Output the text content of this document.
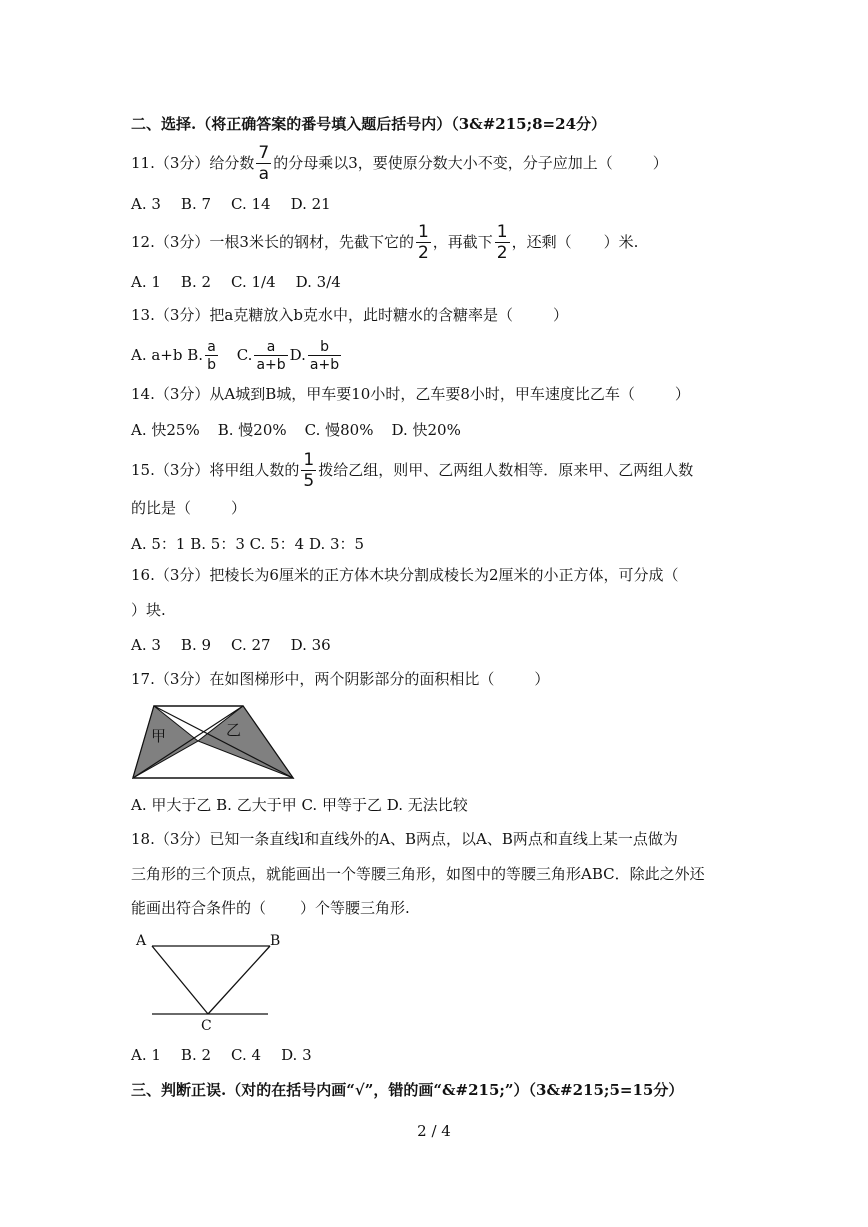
二、选择.（将正确答案的番号填入题后括号内）（3&#215;8=24分）
11.（3分）给分数 $\frac{7}{a}$ 的分母乘以3，要使原分数大小不变，分子应加上（	）
A. 3 B. 7 C. 14 D. 21
12.（3分）一根3米长的钢材，先截下它的 $\frac{1}{2}$ ，再截下 $\frac{1}{2}$ ，还剩（ ）米.
A. 1 B. 2 C. 1/4 D. 3/4
13.（3分）把a克糖放入b克水中，此时糖水的含糖率是（	）
A. a+b B. $\frac{a}{b} C$. $\frac{a}{a+b} D$. $\frac{b}{a+b}$
14.（3分）从A城到B城，甲车要10小时，乙车要8小时，甲车速度比乙车（	）
A. 快25% B. 慢20% C. 慢80% D. 快20%
15.（3分）将甲组人数的 $\frac{1}{5}$ 拨给乙组，则甲、乙两组人数相等．原来甲、乙两组人数
的比是（	）
A. 5：1 B. 5：3 C. 5：4 D. 3：5
16.（3分）把棱长为6厘米的正方体木块分割成棱长为2厘米的小正方体，可分成（
）块.
A. 3 B. 9 C. 27 D. 36
17.（3分）在如图梯形中，两个阴影部分的面积相比（	）
甲	乙
A. 甲大于乙 B. 乙大于甲 C. 甲等于乙 D. 无法比较
18.（3分）已知一条直线l和直线外的A、B两点，以A、B两点和直线上某一点做为
三角形的三个顶点，就能画出一个等腰三角形，如图中的等腰三角形ABC．除此之外还
能画出符合条件的（ ）个等腰三角形.
A	B
C
A. 1 B. 2 C. 4 D. 3
三、判断正误.（对的在括号内画“√”，错的画“&#215;”）（3&#215;5=15分）
2 / 4
